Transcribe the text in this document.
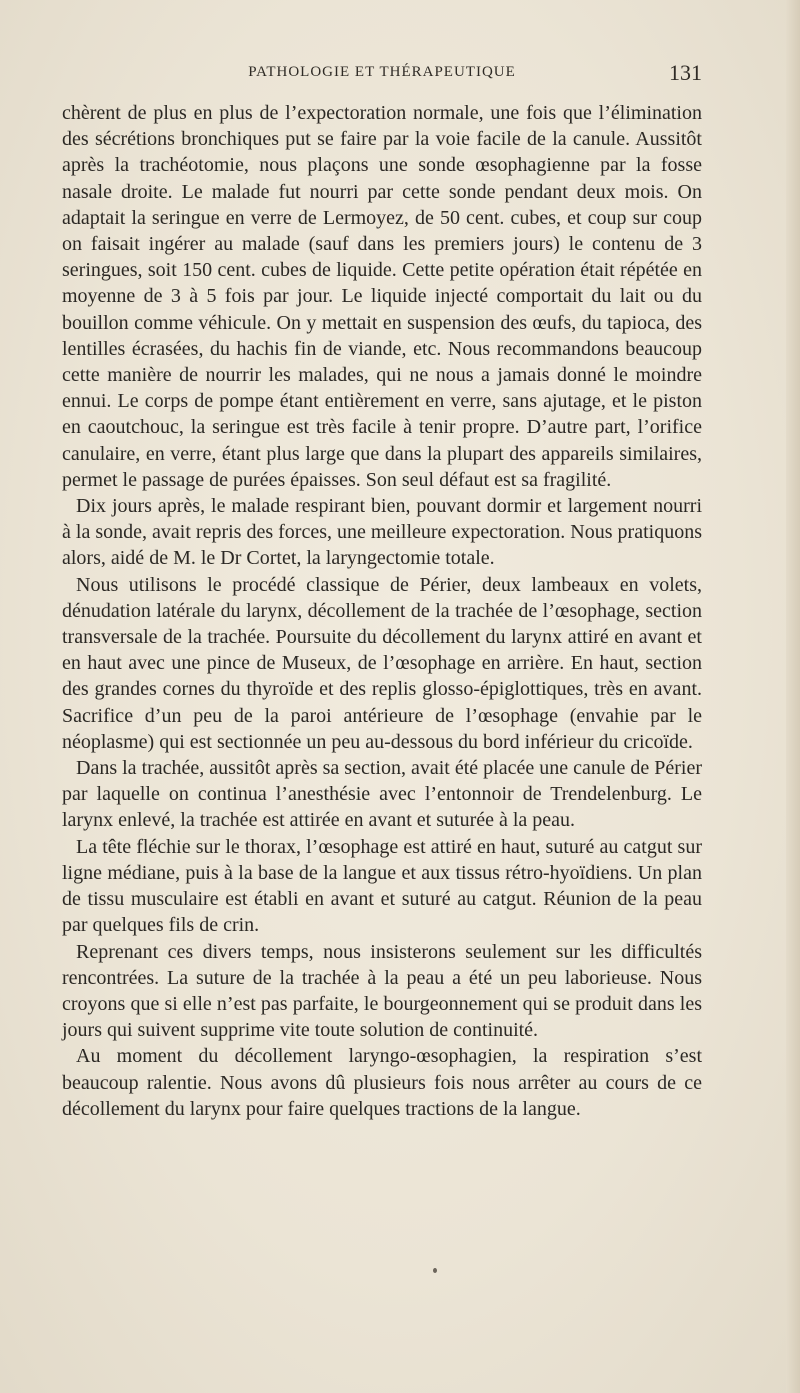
PATHOLOGIE ET THÉRAPEUTIQUE	131

chèrent de plus en plus de l’expectoration normale, une fois que l’élimination des sécrétions bronchiques put se faire par la voie facile de la canule. Aussitôt après la trachéotomie, nous plaçons une sonde œsophagienne par la fosse nasale droite. Le malade fut nourri par cette sonde pendant deux mois. On adaptait la seringue en verre de Lermoyez, de 50 cent. cubes, et coup sur coup on faisait ingérer au malade (sauf dans les premiers jours) le contenu de 3 seringues, soit 150 cent. cubes de liquide. Cette petite opération était répétée en moyenne de 3 à 5 fois par jour. Le liquide injecté comportait du lait ou du bouillon comme véhicule. On y mettait en suspension des œufs, du tapioca, des lentilles écrasées, du hachis fin de viande, etc. Nous recommandons beaucoup cette manière de nourrir les malades, qui ne nous a jamais donné le moindre ennui. Le corps de pompe étant entièrement en verre, sans ajutage, et le piston en caoutchouc, la seringue est très facile à tenir propre. D’autre part, l’orifice canulaire, en verre, étant plus large que dans la plupart des appareils similaires, permet le passage de purées épaisses. Son seul défaut est sa fragilité.

Dix jours après, le malade respirant bien, pouvant dormir et largement nourri à la sonde, avait repris des forces, une meilleure expectoration. Nous pratiquons alors, aidé de M. le Dr Cortet, la laryngectomie totale.

Nous utilisons le procédé classique de Périer, deux lambeaux en volets, dénudation latérale du larynx, décollement de la trachée de l’œsophage, section transversale de la trachée. Poursuite du décollement du larynx attiré en avant et en haut avec une pince de Museux, de l’œsophage en arrière. En haut, section des grandes cornes du thyroïde et des replis glosso-épiglottiques, très en avant. Sacrifice d’un peu de la paroi antérieure de l’œsophage (envahie par le néoplasme) qui est sectionnée un peu au-dessous du bord inférieur du cricoïde.

Dans la trachée, aussitôt après sa section, avait été placée une canule de Périer par laquelle on continua l’anesthésie avec l’entonnoir de Trendelenburg. Le larynx enlevé, la trachée est attirée en avant et suturée à la peau.

La tête fléchie sur le thorax, l’œsophage est attiré en haut, suturé au catgut sur ligne médiane, puis à la base de la langue et aux tissus rétro-hyoïdiens. Un plan de tissu musculaire est établi en avant et suturé au catgut. Réunion de la peau par quelques fils de crin.

Reprenant ces divers temps, nous insisterons seulement sur les difficultés rencontrées. La suture de la trachée à la peau a été un peu laborieuse. Nous croyons que si elle n’est pas parfaite, le bourgeonnement qui se produit dans les jours qui suivent supprime vite toute solution de continuité.

Au moment du décollement laryngo-œsophagien, la respiration s’est beaucoup ralentie. Nous avons dû plusieurs fois nous arrêter au cours de ce décollement du larynx pour faire quelques tractions de la langue.
